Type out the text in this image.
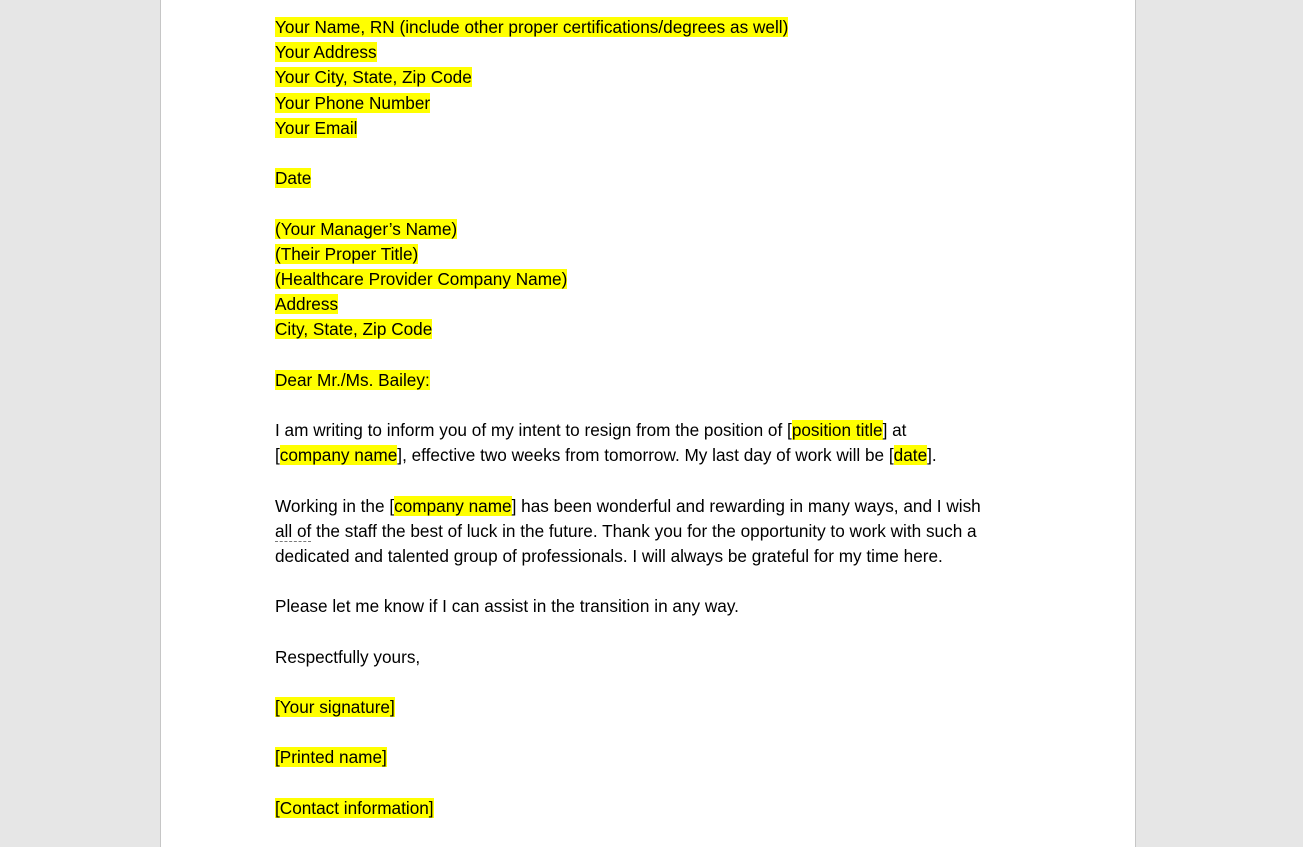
Your Name, RN (include other proper certifications/degrees as well)
Your Address
Your City, State, Zip Code
Your Phone Number
Your Email
Date
(Your Manager’s Name)
(Their Proper Title)
(Healthcare Provider Company Name)
Address
City, State, Zip Code
Dear Mr./Ms. Bailey:
I am writing to inform you of my intent to resign from the position of [position title] at
[company name], effective two weeks from tomorrow. My last day of work will be [date].
Working in the [company name] has been wonderful and rewarding in many ways, and I wish
all of the staff the best of luck in the future. Thank you for the opportunity to work with such a
dedicated and talented group of professionals. I will always be grateful for my time here.
Please let me know if I can assist in the transition in any way.
Respectfully yours,
[Your signature]
[Printed name]
[Contact information]
